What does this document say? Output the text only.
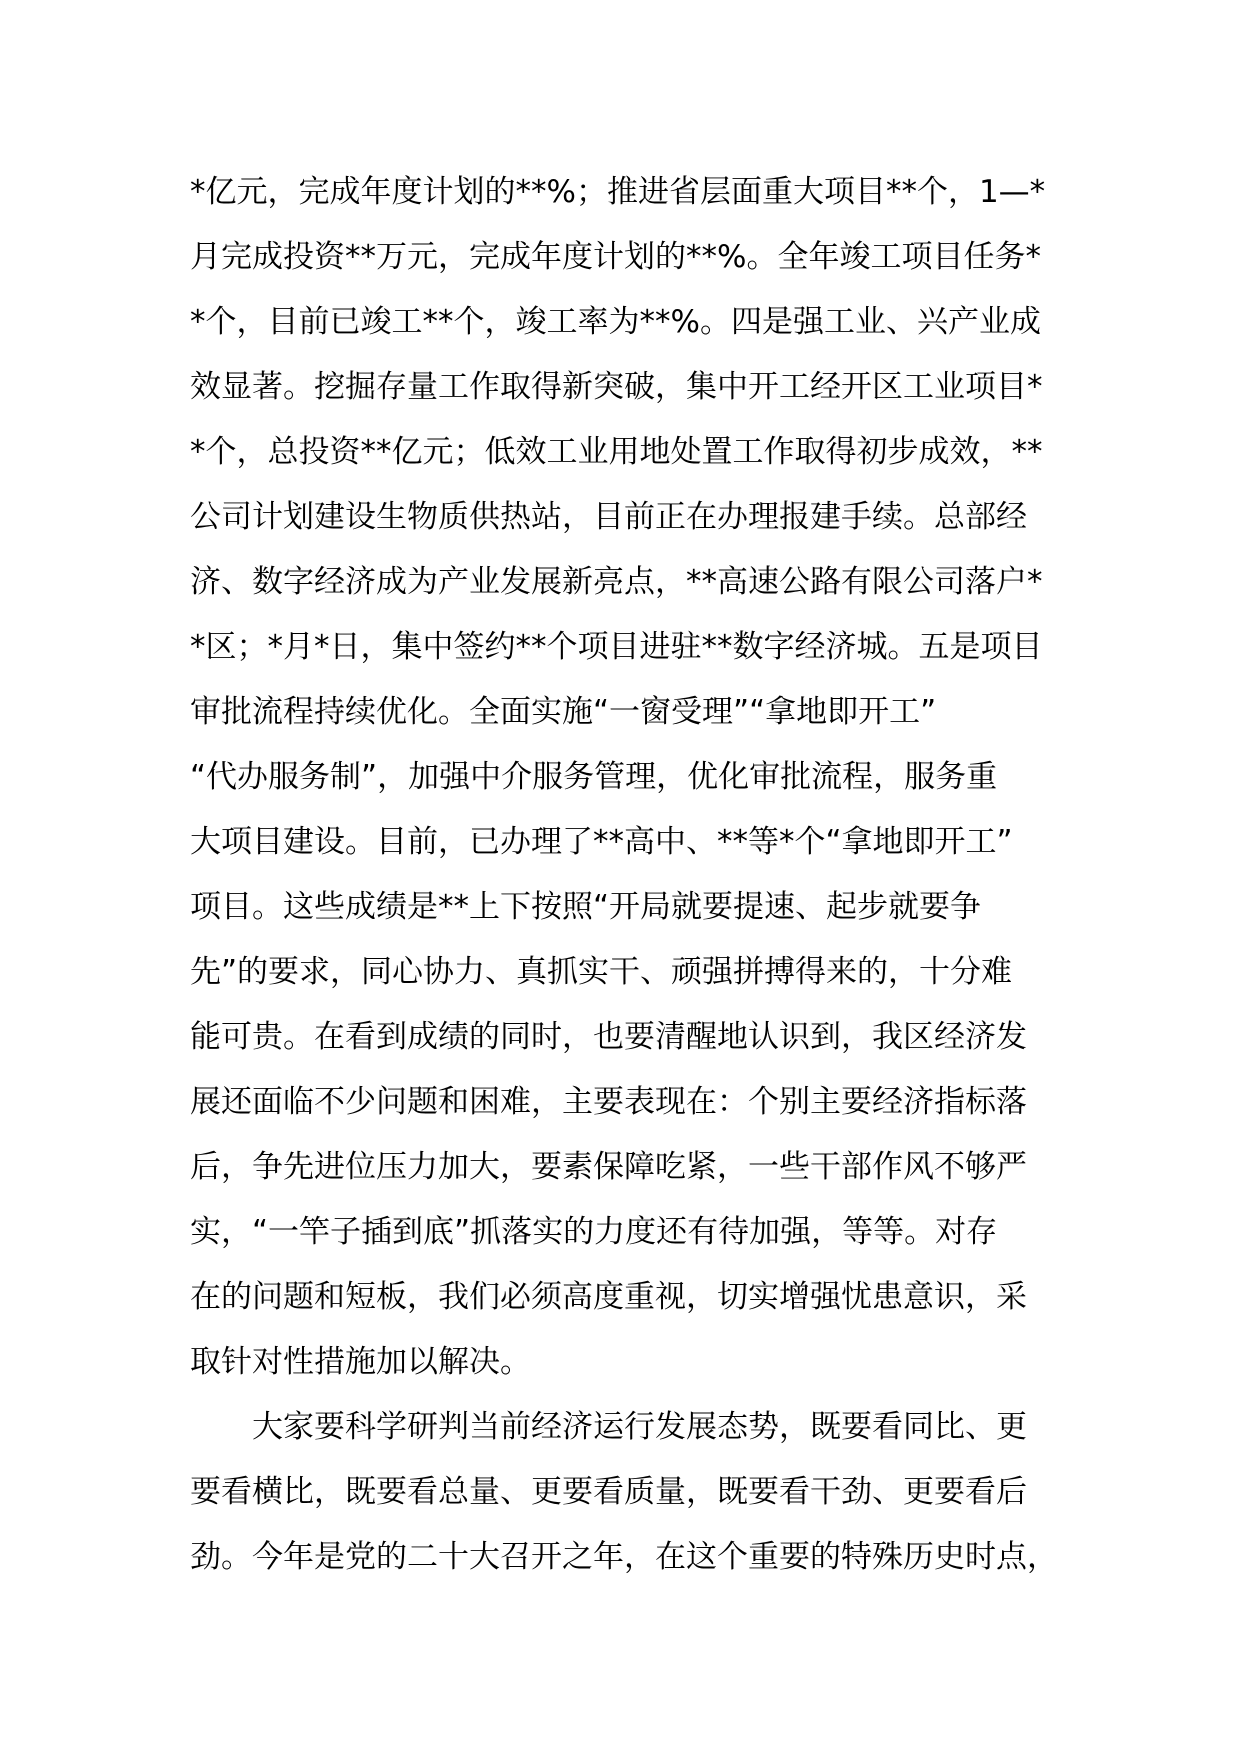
*亿元，完成年度计划的**%；推进省层面重大项目**个，1—*
月完成投资**万元，完成年度计划的**%。全年竣工项目任务*
*个，目前已竣工**个，竣工率为**%。四是强工业、兴产业成
效显著。挖掘存量工作取得新突破，集中开工经开区工业项目*
*个，总投资**亿元；低效工业用地处置工作取得初步成效，**
公司计划建设生物质供热站，目前正在办理报建手续。总部经
济、数字经济成为产业发展新亮点，**高速公路有限公司落户*
*区；*月*日，集中签约**个项目进驻**数字经济城。五是项目
审批流程持续优化。全面实施“一窗受理”“拿地即开工”
“代办服务制”，加强中介服务管理，优化审批流程，服务重
大项目建设。目前，已办理了**高中、**等*个“拿地即开工”
项目。这些成绩是**上下按照“开局就要提速、起步就要争
先”的要求，同心协力、真抓实干、顽强拼搏得来的，十分难
能可贵。在看到成绩的同时，也要清醒地认识到，我区经济发
展还面临不少问题和困难，主要表现在：个别主要经济指标落
后，争先进位压力加大，要素保障吃紧，一些干部作风不够严
实，“一竿子插到底”抓落实的力度还有待加强，等等。对存
在的问题和短板，我们必须高度重视，切实增强忧患意识，采
取针对性措施加以解决。
大家要科学研判当前经济运行发展态势，既要看同比、更
要看横比，既要看总量、更要看质量，既要看干劲、更要看后
劲。今年是党的二十大召开之年，在这个重要的特殊历史时点，
